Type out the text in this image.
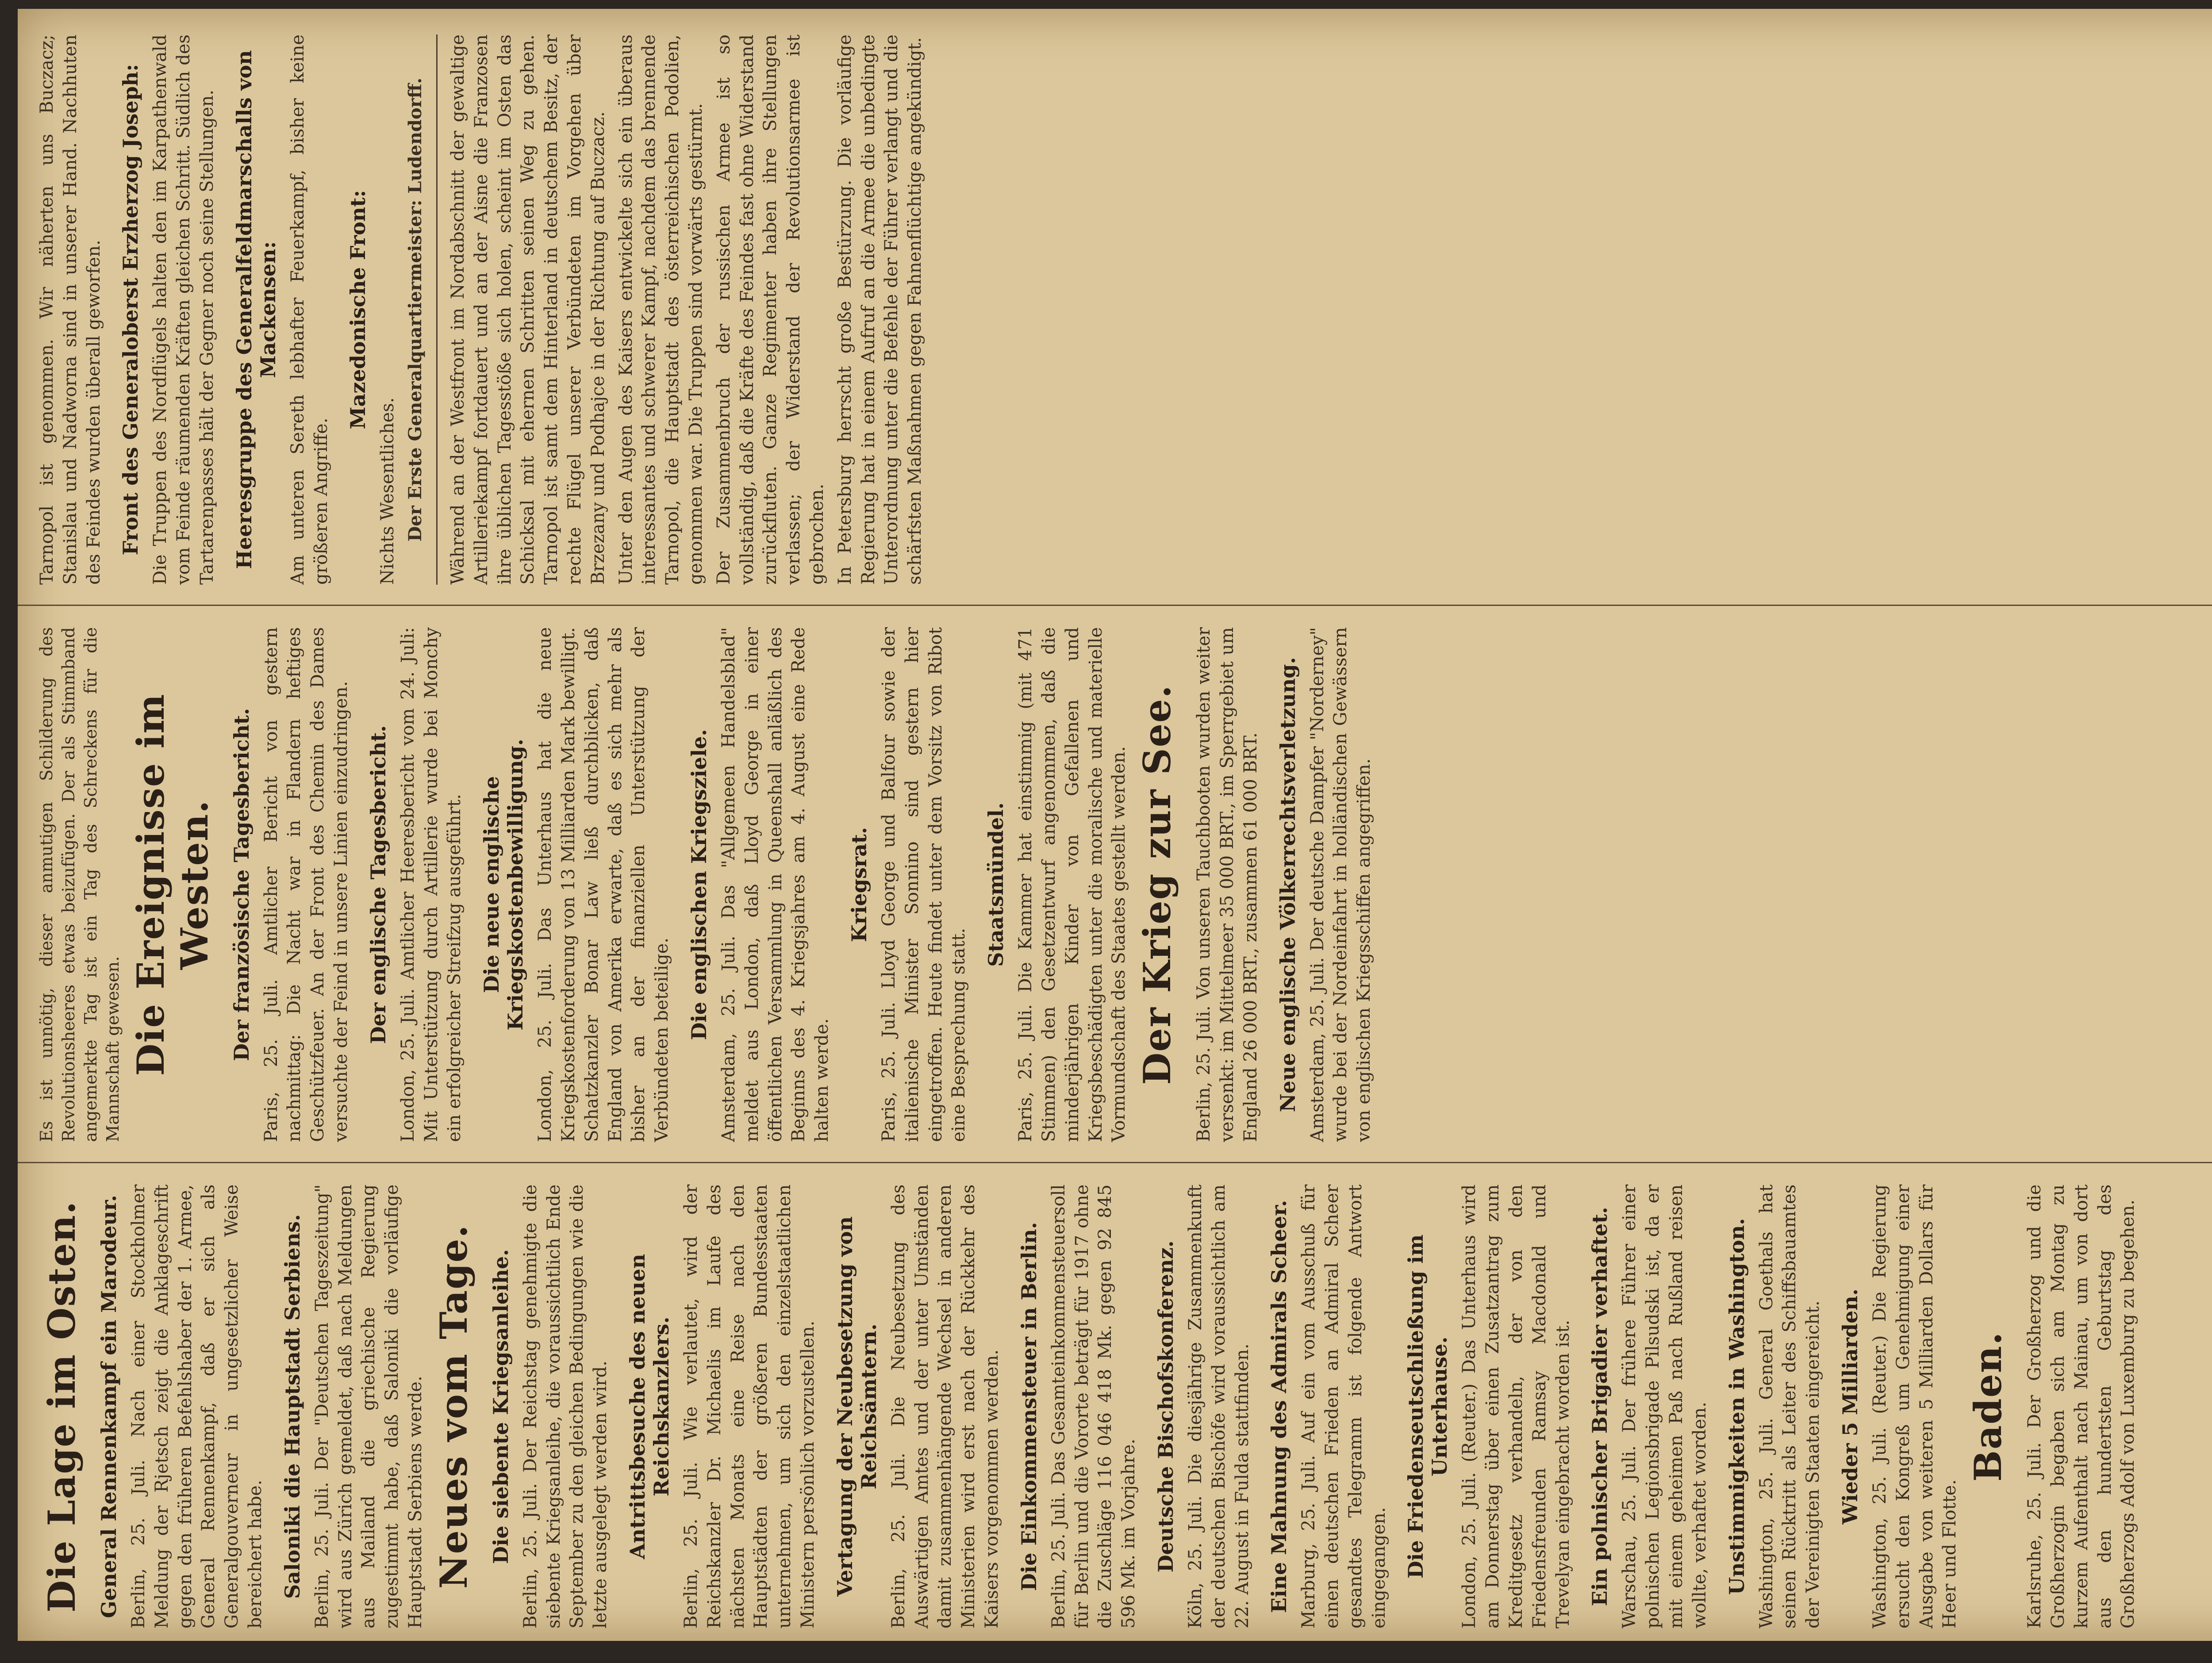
Die Lage im Osten. General Rennenkampf ein Marodeur. Berlin, 25. Juli. Nach einer Stockholmer Meldung der Rjetsch zeigt die Anklageschrift gegen den früheren Befehlshaber der 1. Armee, General Rennenkampf, daß er sich als Generalgouverneur in ungesetzlicher Weise bereichert habe. Saloniki die Hauptstadt Serbiens. Berlin, 25. Juli. Der "Deutschen Tageszeitung" wird aus Zürich gemeldet, daß nach Meldungen aus Mailand die griechische Regierung zugestimmt habe, daß Saloniki die vorläufige Hauptstadt Serbiens werde. Neues vom Tage. Die siebente Kriegsanleihe. Berlin, 25. Juli. Der Reichstag genehmigte die siebente Kriegsanleihe, die voraussichtlich Ende September zu den gleichen Bedingungen wie die letzte ausgelegt werden wird. Antrittsbesuche des neuen Reichskanzlers. Berlin, 25. Juli. Wie verlautet, wird der Reichskanzler Dr. Michaelis im Laufe des nächsten Monats eine Reise nach den Hauptstädten der größeren Bundesstaaten unternehmen, um sich den einzelstaatlichen Ministern persönlich vorzustellen. Vertagung der Neubesetzung von Reichsämtern. Berlin, 25. Juli. Die Neubesetzung des Auswärtigen Amtes und der unter Umständen damit zusammenhängende Wechsel in anderen Ministerien wird erst nach der Rückkehr des Kaisers vorgenommen werden. Die Einkommensteuer in Berlin. Berlin, 25. Juli. Das Gesamteinkommensteuersoll für Berlin und die Vororte beträgt für 1917 ohne die Zuschläge 116 046 418 Mk. gegen 92 845 596 Mk. im Vorjahre. Deutsche Bischofskonferenz. Köln, 25. Juli. Die diesjährige Zusammenkunft der deutschen Bischöfe wird voraussichtlich am 22. August in Fulda stattfinden. Eine Mahnung des Admirals Scheer. Marburg, 25. Juli. Auf ein vom Ausschuß für einen deutschen Frieden an Admiral Scheer gesandtes Telegramm ist folgende Antwort eingegangen. Die Friedenseutschließung im Unterhause. London, 25. Juli. (Reuter.) Das Unterhaus wird am Donnerstag über einen Zusatzantrag zum Kreditgesetz verhandeln, der von den Friedensfreunden Ramsay Macdonald und Trevelyan eingebracht worden ist. Ein polnischer Brigadier verhaftet. Warschau, 25. Juli. Der frühere Führer einer polnischen Legionsbrigade Pilsudski ist, da er mit einem geheimen Paß nach Rußland reisen wollte, verhaftet worden. Unstimmigkeiten in Washington. Washington, 25. Juli. General Goethals hat seinen Rücktritt als Leiter des Schiffsbauamtes der Vereinigten Staaten eingereicht. Wieder 5 Milliarden. Washington, 25. Juli. (Reuter.) Die Regierung ersucht den Kongreß um Genehmigung einer Ausgabe von weiteren 5 Milliarden Dollars für Heer und Flotte.

Baden. Karlsruhe, 25. Juli. Der Großherzog und die Großherzogin begaben sich am Montag zu kurzem Aufenthalt nach Mainau, um von dort aus den hundertsten Geburtstag des Großherzogs Adolf von Luxemburg zu begehen.

Es ist unnötig, dieser anmutigen Schilderung des Revolutionsheeres etwas beizufügen. Der als Stimmband angemerkte Tag ist ein Tag des Schreckens für die Mannschaft gewesen. Die Ereignisse im Westen. Der französische Tagesbericht. Paris, 25. Juli. Amtlicher Bericht von gestern nachmittag: Die Nacht war in Flandern heftiges Geschützfeuer. An der Front des Chemin des Dames versuchte der Feind in unsere Linien einzudringen. Der englische Tagesbericht. London, 25. Juli. Amtlicher Heeresbericht vom 24. Juli: Mit Unterstützung durch Artillerie wurde bei Monchy ein erfolgreicher Streifzug ausgeführt. Die neue englische Kriegskostenbewilligung. London, 25. Juli. Das Unterhaus hat die neue Kriegskostenforderung von 13 Milliarden Mark bewilligt. Schatzkanzler Bonar Law ließ durchblicken, daß England von Amerika erwarte, daß es sich mehr als bisher an der finanziellen Unterstützung der Verbündeten beteilige. Die englischen Kriegsziele. Amsterdam, 25. Juli. Das "Allgemeen Handelsblad" meldet aus London, daß Lloyd George in einer öffentlichen Versammlung in Queenshall anläßlich des Beginns des 4. Kriegsjahres am 4. August eine Rede halten werde.

Kriegsrat. Paris, 25. Juli. Lloyd George und Balfour sowie der italienische Minister Sonnino sind gestern hier eingetroffen. Heute findet unter dem Vorsitz von Ribot eine Besprechung statt.

Staatsmündel. Paris, 25. Juli. Die Kammer hat einstimmig (mit 471 Stimmen) den Gesetzentwurf angenommen, daß die minderjährigen Kinder von Gefallenen und Kriegsbeschädigten unter die moralische und materielle Vormundschaft des Staates gestellt werden. Der Krieg zur See. Berlin, 25. Juli. Von unseren Tauchbooten wurden weiter versenkt: im Mittelmeer 35 000 BRT., im Sperrgebiet um England 26 000 BRT., zusammen 61 000 BRT. Neue englische Völkerrechtsverletzung. Amsterdam, 25. Juli. Der deutsche Dampfer "Norderney" wurde bei der Nordeinfahrt in holländischen Gewässern von englischen Kriegsschiffen angegriffen.

Tarnopol ist genommen. Wir näherten uns Buczacz; Stanislau und Nadworna sind in unserer Hand. Nachhuten des Feindes wurden überall geworfen. Front des Generaloberst Erzherzog Joseph: Die Truppen des Nordflügels halten den im Karpathenwald vom Feinde räumenden Kräften gleichen Schritt. Südlich des Tartarenpasses hält der Gegner noch seine Stellungen. Heeresgruppe des Generalfeldmarschalls von Mackensen: Am unteren Sereth lebhafter Feuerkampf, bisher keine größeren Angriffe.

Mazedonische Front:

Nichts Wesentliches. Der Erste Generalquartiermeister: Ludendorff. Während an der Westfront im Nordabschnitt der gewaltige Artilleriekampf fortdauert und an der Aisne die Franzosen ihre üblichen Tagesstöße sich holen, scheint im Osten das Schicksal mit ehernen Schritten seinen Weg zu gehen. Tarnopol ist samt dem Hinterland in deutschem Besitz, der rechte Flügel unserer Verbündeten im Vorgehen über Brzezany und Podhajce in der Richtung auf Buczacz. Unter den Augen des Kaisers entwickelte sich ein überaus interessantes und schwerer Kampf, nachdem das brennende Tarnopol, die Hauptstadt des österreichischen Podolien, genommen war. Die Truppen sind vorwärts gestürmt. Der Zusammenbruch der russischen Armee ist so vollständig, daß die Kräfte des Feindes fast ohne Widerstand zurückfluten. Ganze Regimenter haben ihre Stellungen verlassen; der Widerstand der Revolutionsarmee ist gebrochen. In Petersburg herrscht große Bestürzung. Die vorläufige Regierung hat in einem Aufruf an die Armee die unbedingte Unterordnung unter die Befehle der Führer verlangt und die schärfsten Maßnahmen gegen Fahnenflüchtige angekündigt.
